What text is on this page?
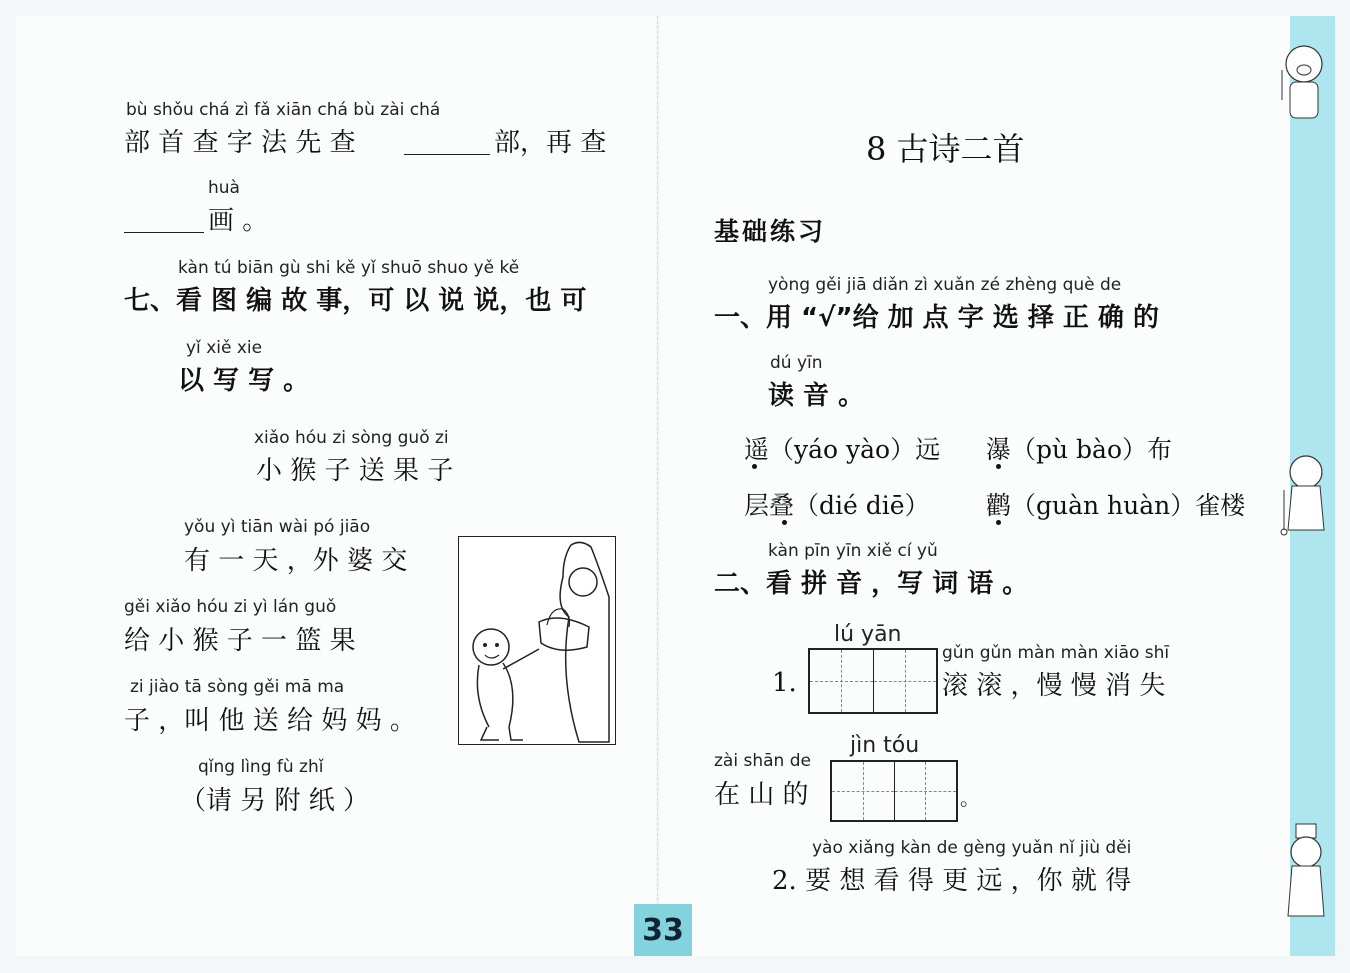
bù shǒu chá zì fǎ xiān chá bù zài chá
部 首 查 字 法 先 查	部，再 查
huà
画 。
kàn tú biān gù shi kě yǐ shuō shuo yě kě
七、看 图 编 故 事，可 以 说 说，也 可
yǐ xiě xie
以 写 写 。
xiǎo hóu zi sòng guǒ zi
小 猴 子 送 果 子
yǒu yì tiān wài pó jiāo
有 一 天 ，外 婆 交
gěi xiǎo hóu zi yì lán guǒ
给 小 猴 子 一 篮 果
zi jiào tā sòng gěi mā ma
子 ，叫 他 送 给 妈 妈 。
qǐng lìng fù zhǐ
（请 另 附 纸 ）
8 古诗二首
基础练习
yòng gěi jiā diǎn zì xuǎn zé zhèng què de
一、用 “√”给 加 点 字 选 择 正 确 的
dú yīn
读 音 。
遥（yáo yào）远 瀑（pù bào）布
层叠（dié diē） 鹳（guàn huàn）雀楼
kàn pīn yīn xiě cí yǔ
二、看 拼 音 ，写 词 语 。
lú yān
1.
gǔn gǔn màn màn xiāo shī
滚 滚 ，慢 慢 消 失
zài shān de
在 山 的
jìn tóu
。
yào xiǎng kàn de gèng yuǎn nǐ jiù děi
2. 要 想 看 得 更 远 ，你 就 得
33
